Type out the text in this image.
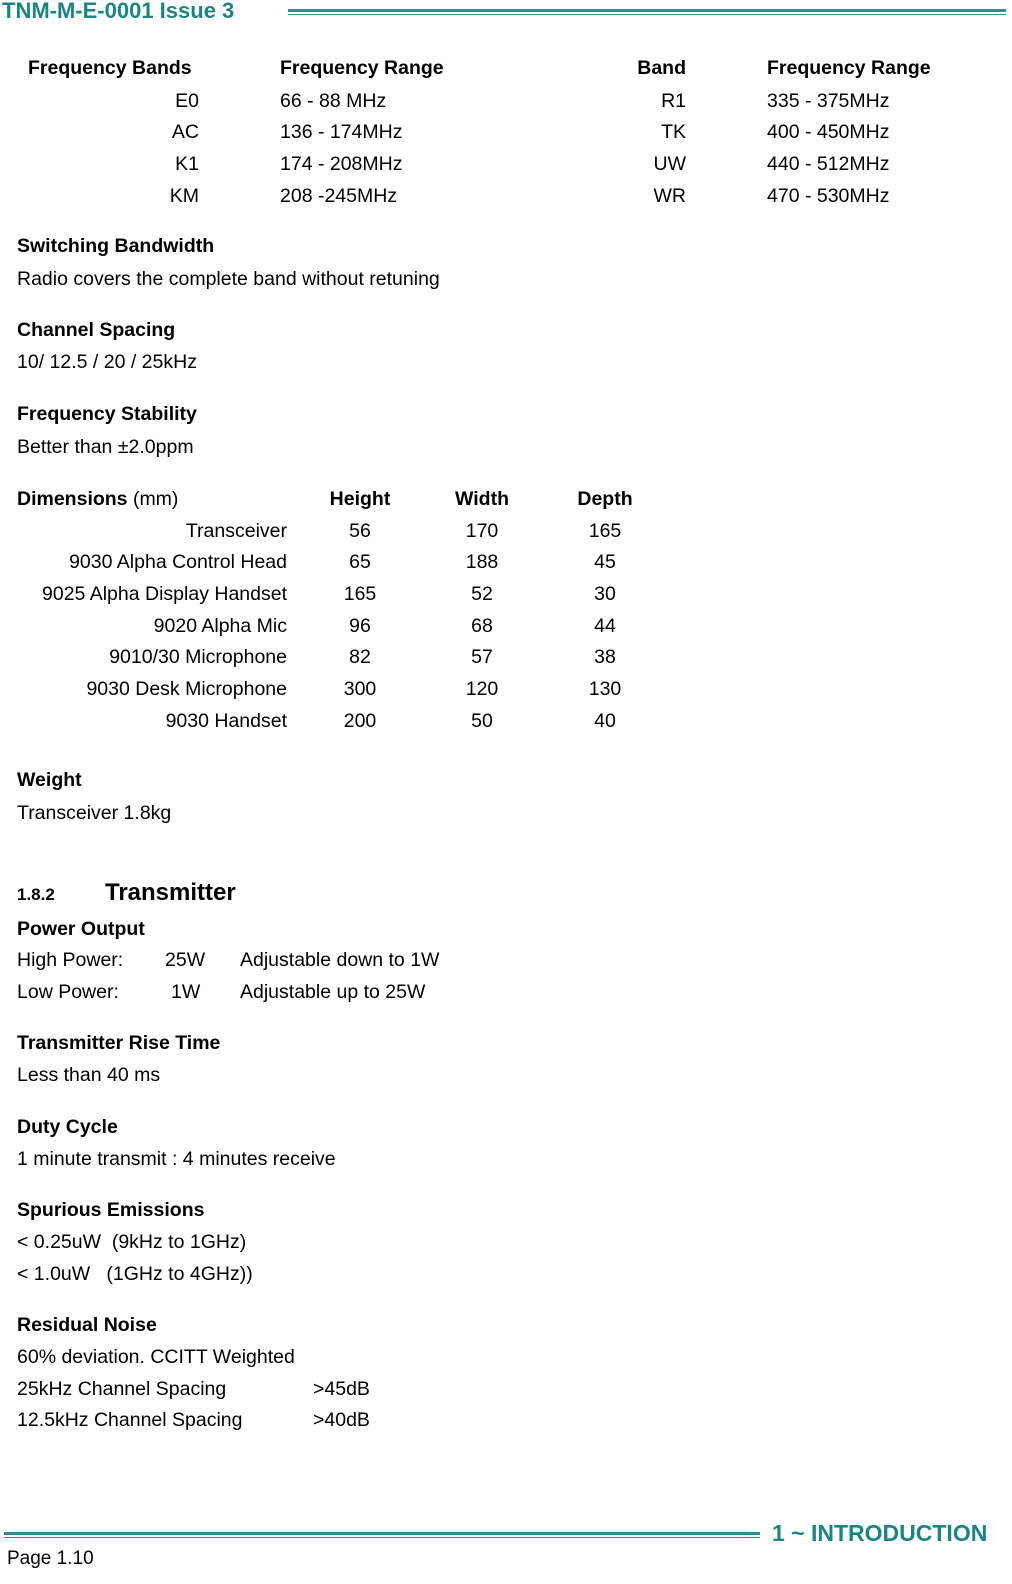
TNM-M-E-0001 Issue 3
Frequency Bands	Frequency Range	Band	Frequency Range
E0	66 - 88 MHz	R1	335 - 375MHz
AC	136 - 174MHz	TK	400 - 450MHz
K1	174 - 208MHz	UW	440 - 512MHz
KM	208 -245MHz	WR	470 - 530MHz
Switching Bandwidth
Radio covers the complete band without retuning
Channel Spacing
10/ 12.5 / 20 / 25kHz
Frequency Stability
Better than ±2.0ppm
Dimensions (mm)	Height	Width	Depth
Transceiver	56	170	165
9030 Alpha Control Head	65	188	45
9025 Alpha Display Handset	165	52	30
9020 Alpha Mic	96	68	44
9010/30 Microphone	82	57	38
9030 Desk Microphone	300	120	130
9030 Handset	200	50	40
Weight
Transceiver 1.8kg
1.8.2 Transmitter
Power Output
High Power: 25W Adjustable down to 1W
Low Power:	1W Adjustable up to 25W
Transmitter Rise Time
Less than 40 ms
Duty Cycle
1 minute transmit : 4 minutes receive
Spurious Emissions
< 0.25uW  (9kHz to 1GHz)
< 1.0uW   (1GHz to 4GHz))
Residual Noise
60% deviation. CCITT Weighted
25kHz Channel Spacing	>45dB
12.5kHz Channel Spacing	>40dB
1 ~ INTRODUCTION
Page 1.10
